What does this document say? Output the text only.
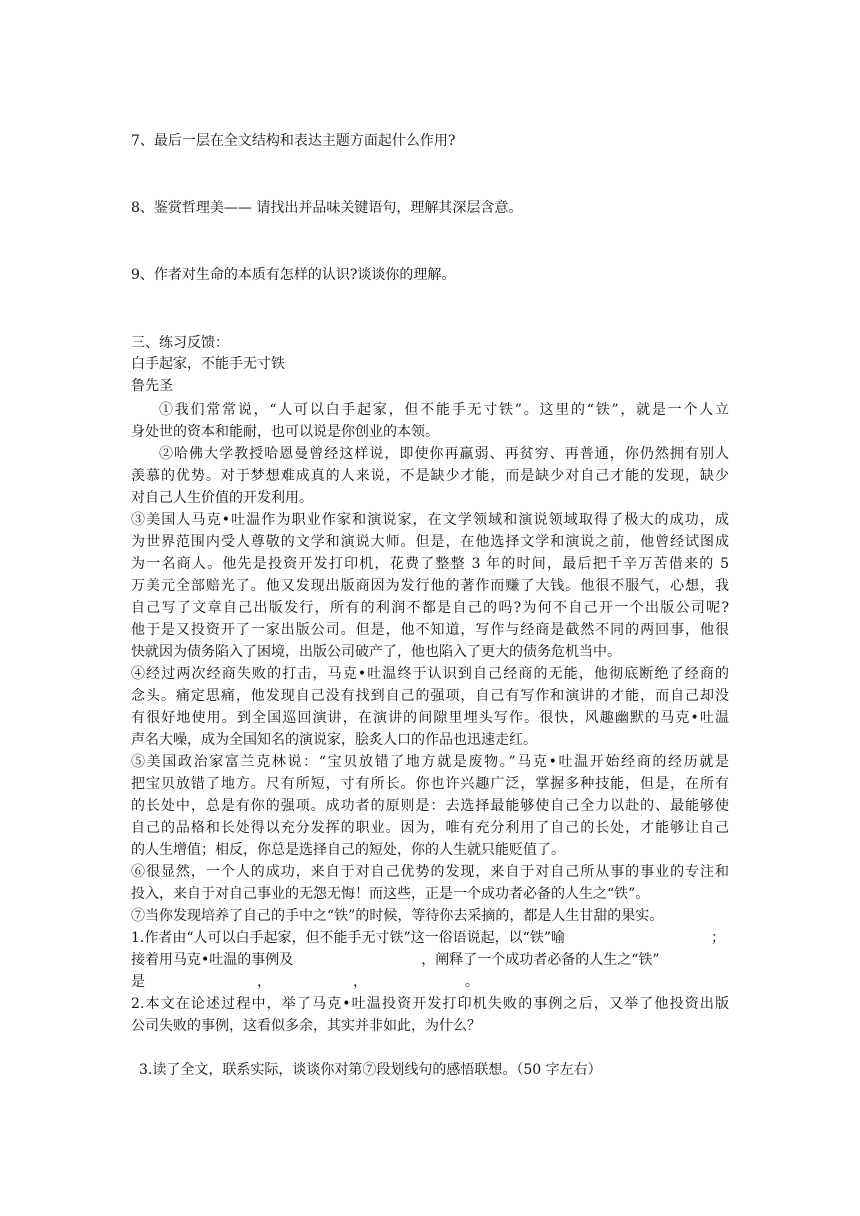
7、最后一层在全文结构和表达主题方面起什么作用?
8、鉴赏哲理美—— 请找出并品味关键语句，理解其深层含意。
9、作者对生命的本质有怎样的认识?谈谈你的理解。
三、练习反馈：
白手起家，不能手无寸铁
鲁先圣
①我们常常说，“人可以白手起家，但不能手无寸铁”。这里的“铁”，就是一个人立
身处世的资本和能耐，也可以说是你创业的本领。
②哈佛大学教授哈恩曼曾经这样说，即使你再羸弱、再贫穷、再普通，你仍然拥有别人
羡慕的优势。对于梦想难成真的人来说，不是缺少才能，而是缺少对自己才能的发现，缺少
对自己人生价值的开发利用。
③美国人马克•吐温作为职业作家和演说家，在文学领域和演说领域取得了极大的成功，成
为世界范围内受人尊敬的文学和演说大师。但是，在他选择文学和演说之前，他曾经试图成
为一名商人。他先是投资开发打印机，花费了整整 3 年的时间，最后把千辛万苦借来的 5
万美元全部赔光了。他又发现出版商因为发行他的著作而赚了大钱。他很不服气，心想，我
自己写了文章自己出版发行，所有的利润不都是自己的吗?为何不自己开一个出版公司呢?
他于是又投资开了一家出版公司。但是，他不知道，写作与经商是截然不同的两回事，他很
快就因为债务陷入了困境，出版公司破产了，他也陷入了更大的债务危机当中。
④经过两次经商失败的打击，马克•吐温终于认识到自己经商的无能，他彻底断绝了经商的
念头。痛定思痛，他发现自己没有找到自己的强项，自己有写作和演讲的才能，而自己却没
有很好地使用。到全国巡回演讲，在演讲的间隙里埋头写作。很快，风趣幽默的马克•吐温
声名大噪，成为全国知名的演说家，脍炙人口的作品也迅速走红。
⑤美国政治家富兰克林说：“宝贝放错了地方就是废物。”马克•吐温开始经商的经历就是
把宝贝放错了地方。尺有所短，寸有所长。你也许兴趣广泛，掌握多种技能，但是，在所有
的长处中，总是有你的强项。成功者的原则是：去选择最能够使自己全力以赴的、最能够使
自己的品格和长处得以充分发挥的职业。因为，唯有充分利用了自己的长处，才能够让自己
的人生增值；相反，你总是选择自己的短处，你的人生就只能贬值了。
⑥很显然，一个人的成功，来自于对自己优势的发现，来自于对自己所从事的事业的专注和
投入，来自于对自己事业的无怨无悔！而这些，正是一个成功者必备的人生之“铁”。
⑦当你发现培养了自己的手中之“铁”的时候，等待你去采摘的，都是人生甘甜的果实。
1.作者由“人可以白手起家，但不能手无寸铁”这一俗语说起，以“铁”喻	；
接着用马克•吐温的事例及	，阐释了一个成功者必备的人生之“铁”
是	，	，	。
2.本文在论述过程中，举了马克•吐温投资开发打印机失败的事例之后，又举了他投资出版
公司失败的事例，这看似多余，其实并非如此，为什么？
3.读了全文，联系实际，谈谈你对第⑦段划线句的感悟联想。（50 字左右）
